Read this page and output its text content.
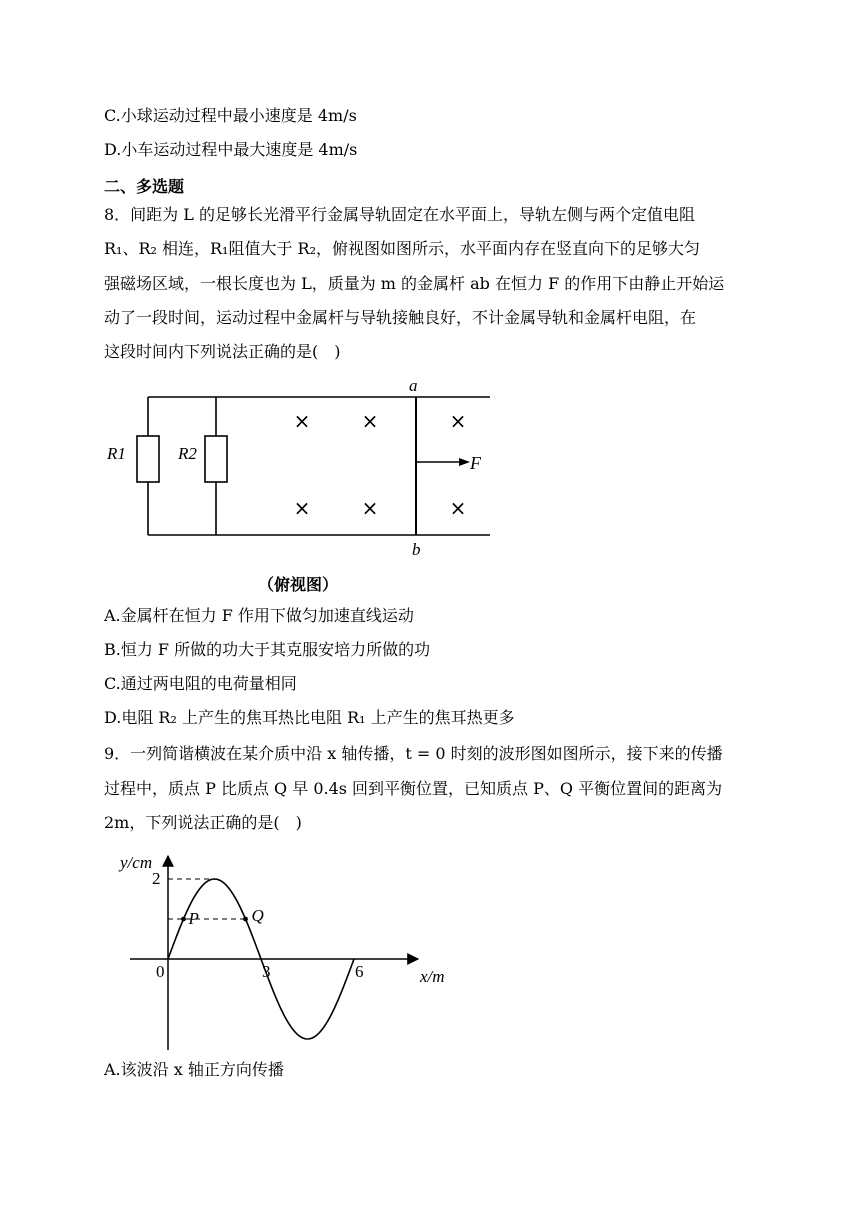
C.小球运动过程中最小速度是 4m/s
D.小车运动过程中最大速度是 4m/s
二、多选题
8．间距为 L 的足够长光滑平行金属导轨固定在水平面上，导轨左侧与两个定值电阻
R₁、R₂ 相连，R₁阻值大于 R₂，俯视图如图所示，水平面内存在竖直向下的足够大匀
强磁场区域，一根长度也为 L，质量为 m 的金属杆 ab 在恒力 F 的作用下由静止开始运
动了一段时间，运动过程中金属杆与导轨接触良好，不计金属导轨和金属杆电阻，在
这段时间内下列说法正确的是(　)
R1	R2
a
b
F
×	×	×
×	×	×
（俯视图）
A.金属杆在恒力 F 作用下做匀加速直线运动
B.恒力 F 所做的功大于其克服安培力所做的功
C.通过两电阻的电荷量相同
D.电阻 R₂ 上产生的焦耳热比电阻 R₁ 上产生的焦耳热更多
9．一列简谐横波在某介质中沿 x 轴传播，t = 0 时刻的波形图如图所示，接下来的传播
过程中，质点 P 比质点 Q 早 0.4s 回到平衡位置，已知质点 P、Q 平衡位置间的距离为
2m，下列说法正确的是(　)
y/cm
x/m
2
0	3	6
P	Q
A.该波沿 x 轴正方向传播
